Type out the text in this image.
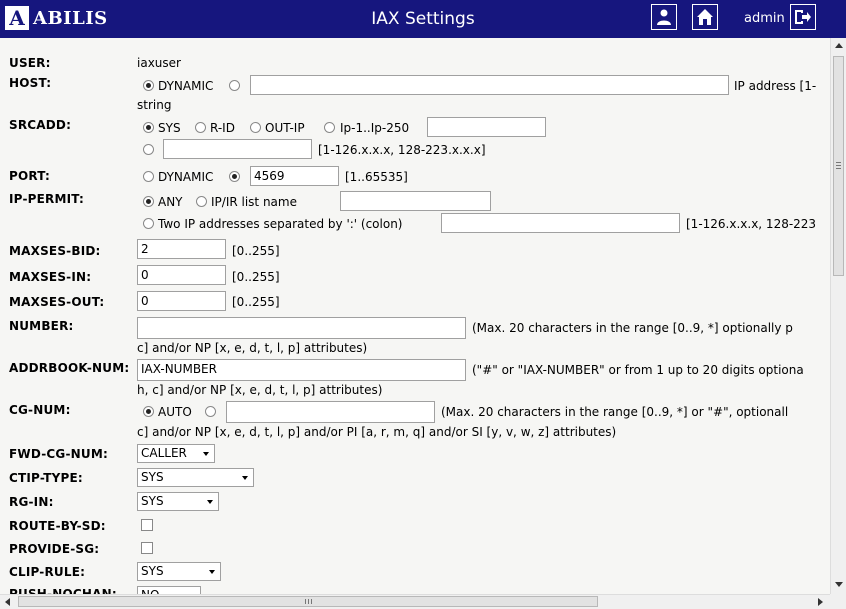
A ABILIS	IAX Settings	admin
USER:	iaxuser
HOST:	DYNAMIC	IP address [1-
string
SRCADD:	SYS R-ID	OUT-IP	Ip-1..Ip-250
[1-126.x.x.x, 128-223.x.x.x]
PORT:	DYNAMIC	4569	[1..65535]
IP-PERMIT:	ANY IP/IR list name
Two IP addresses separated by ':' (colon)	[1-126.x.x.x, 128-223
MAXSES-BID:	2	[0..255]
MAXSES-IN:	0	[0..255]
MAXSES-OUT:	0	[0..255]
NUMBER:	(Max. 20 characters in the range [0..9, *] optionally p
c] and/or NP [x, e, d, t, l, p] attributes)
ADDRBOOK-NUM: IAX-NUMBER	("#" or "IAX-NUMBER" or from 1 up to 20 digits optiona
h, c] and/or NP [x, e, d, t, l, p] attributes)
CG-NUM:	AUTO	(Max. 20 characters in the range [0..9, *] or "#", optionall
c] and/or NP [x, e, d, t, l, p] and/or PI [a, r, m, q] and/or SI [y, v, w, z] attributes)
FWD-CG-NUM:	CALLER
CTIP-TYPE:	SYS
RG-IN:	SYS
ROUTE-BY-SD:
PROVIDE-SG:
CLIP-RULE:	SYS
